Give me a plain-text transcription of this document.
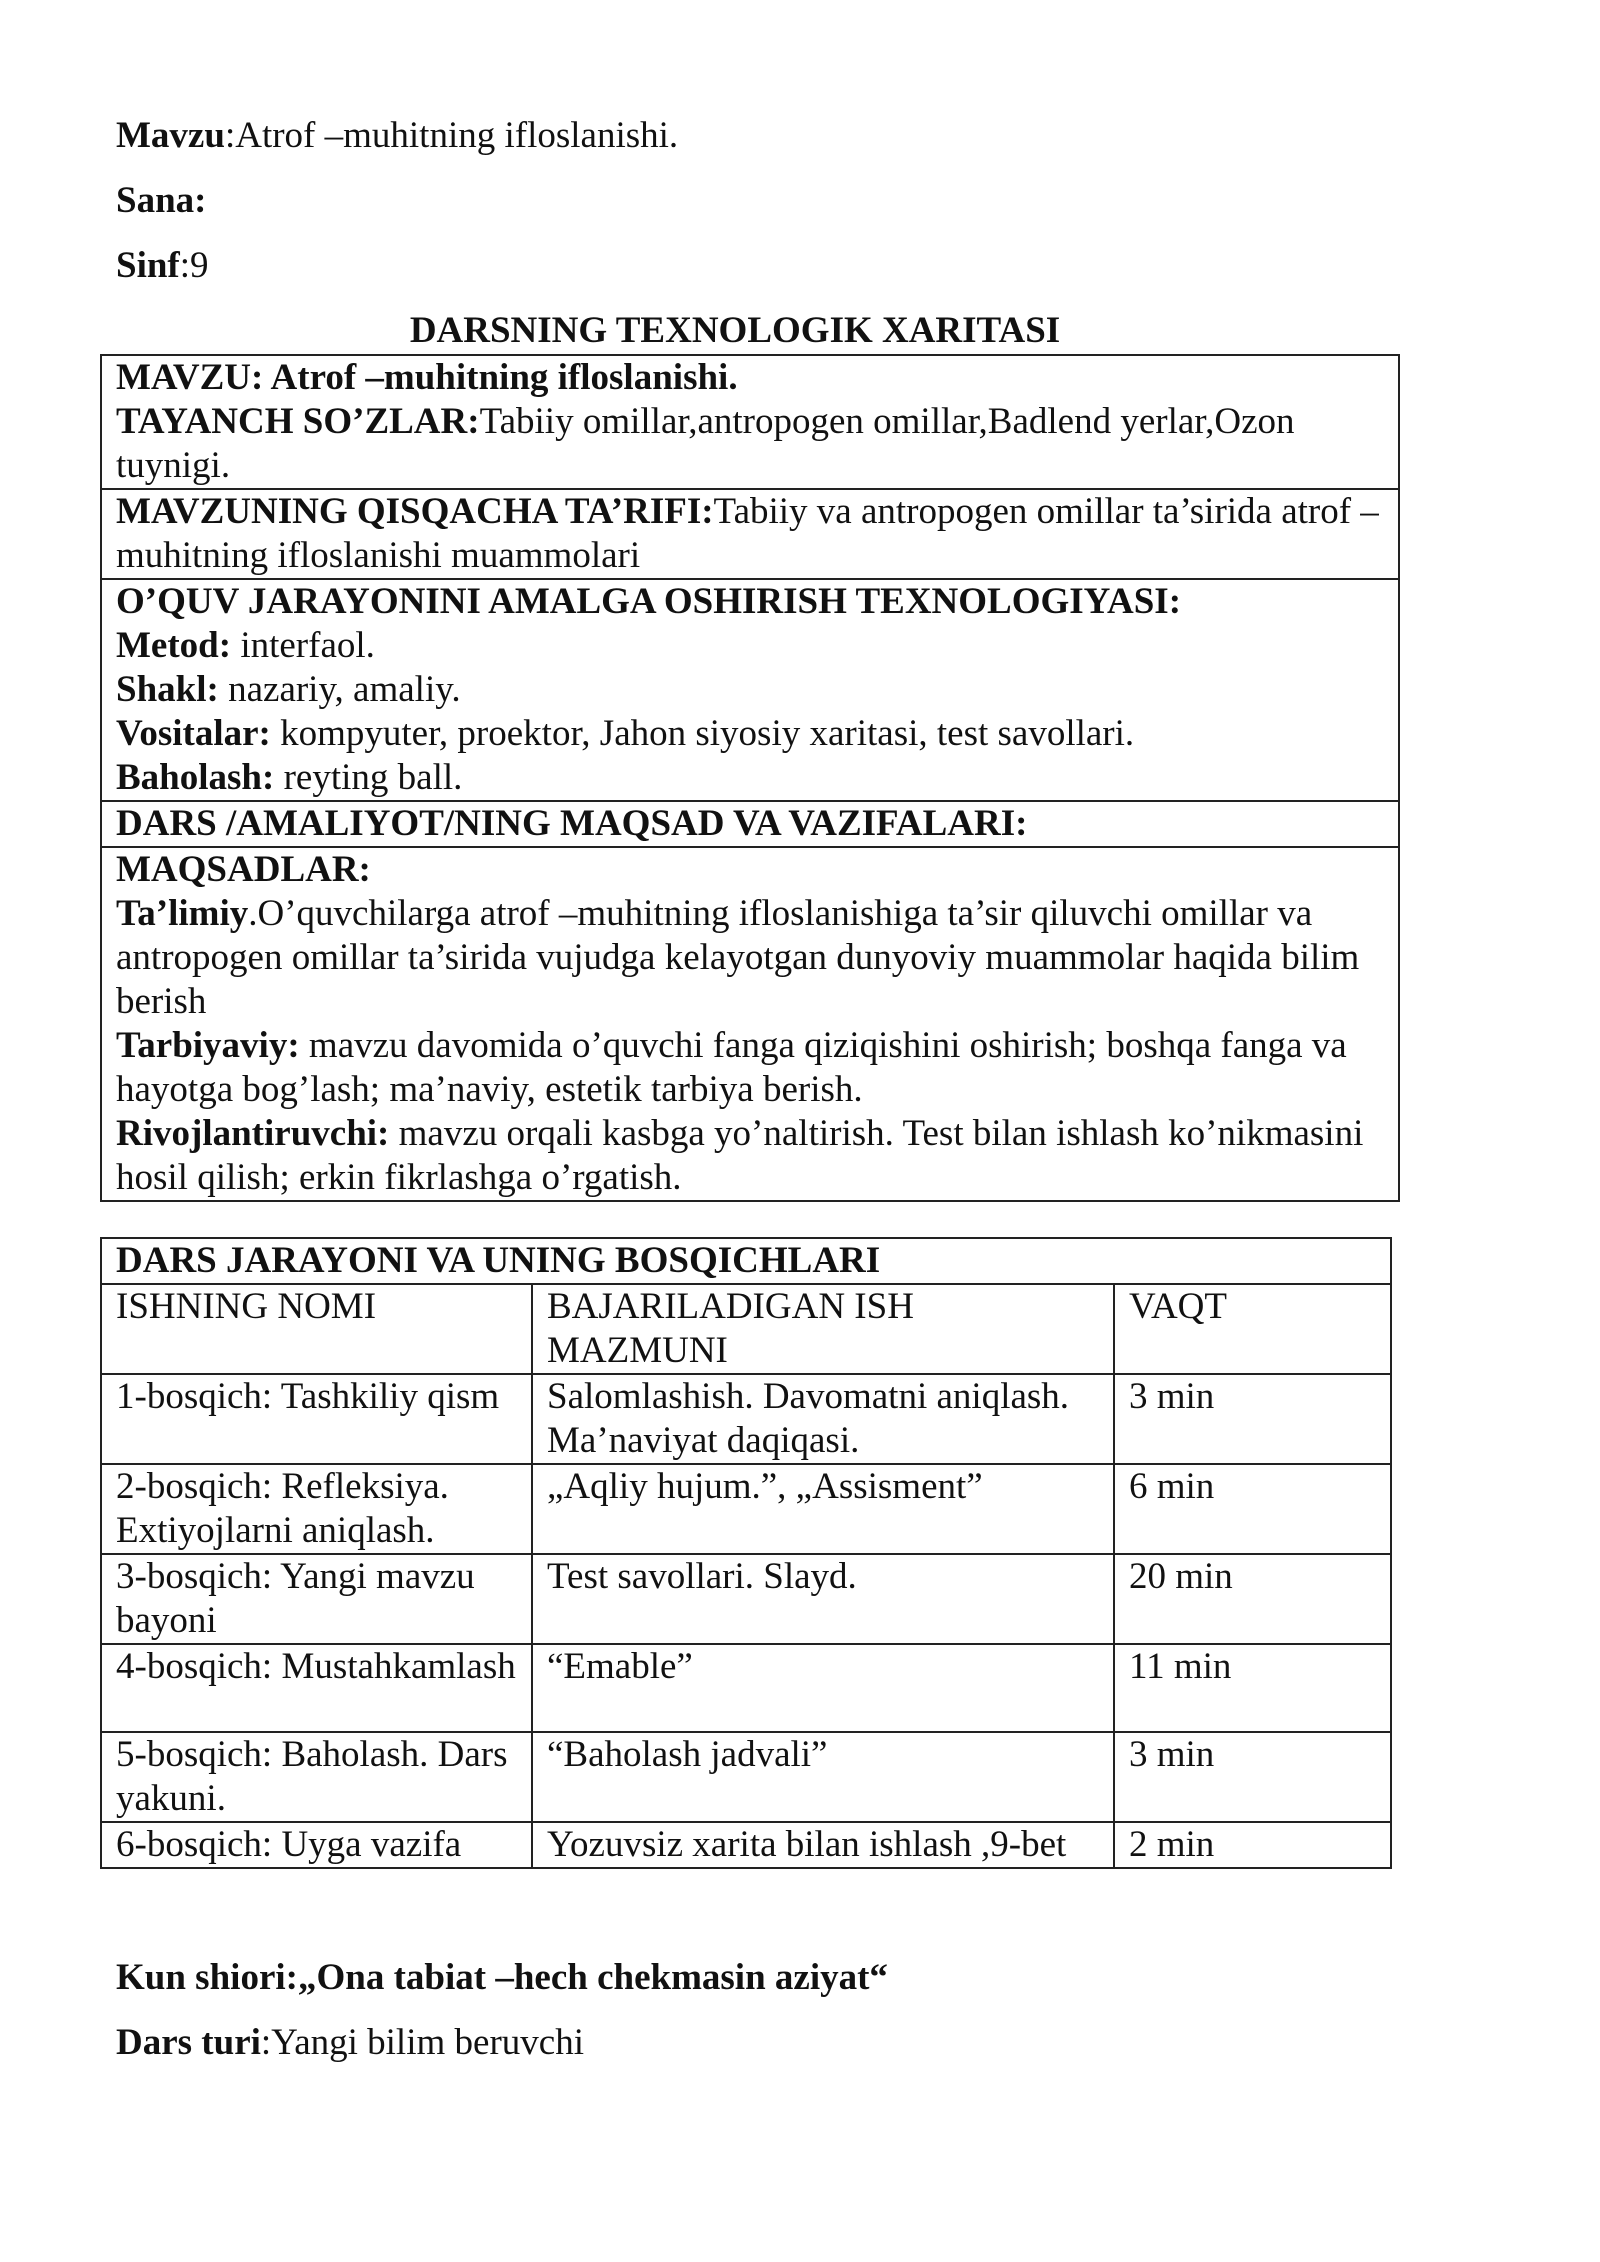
Mavzu:Atrof –muhitning ifloslanishi.
Sana:
Sinf:9
DARSNING TEXNOLOGIK XARITASI
MAVZU: Atrof –muhitning ifloslanishi.
TAYANCH SO’ZLAR:Tabiiy omillar,antropogen omillar,Badlend yerlar,Ozon tuynigi.
MAVZUNING QISQACHA TA’RIFI:Tabiiy va antropogen omillar ta’sirida atrof –muhitning ifloslanishi muammolari

O’QUV JARAYONINI AMALGA OSHIRISH TEXNOLOGIYASI:
Metod: interfaol.
Shakl: nazariy, amaliy.
Vositalar: kompyuter, proektor, Jahon siyosiy xaritasi, test savollari.
Baholash: reyting ball.

DARS /AMALIYOT/NING MAQSAD VA VAZIFALARI:

MAQSADLAR:
Ta’limiy.O’quvchilarga atrof –muhitning ifloslanishiga ta’sir qiluvchi omillar va antropogen omillar ta’sirida vujudga kelayotgan dunyoviy muammolar haqida bilim berish
Tarbiyaviy: mavzu davomida o’quvchi fanga qiziqishini oshirish; boshqa fanga va hayotga bog’lash; ma’naviy, estetik tarbiya berish.
Rivojlantiruvchi: mavzu orqali kasbga yo’naltirish. Test bilan ishlash ko’nikmasini hosil qilish; erkin fikrlashga o’rgatish.
DARS JARAYONI VA UNING BOSQICHLARI		
ISHNING NOMI	BAJARILADIGAN ISH MAZMUNI	VAQT
1-bosqich: Tashkiliy qism	Salomlashish. Davomatni aniqlash. Ma’naviyat daqiqasi.	3 min
2-bosqich: Refleksiya. Extiyojlarni aniqlash.	„Aqliy hujum.”, „Assisment”	6 min
3-bosqich: Yangi mavzu bayoni	Test savollari. Slayd.	20 min
4-bosqich: Mustahkamlash	“Emable”	11 min
5-bosqich: Baholash. Dars yakuni.	“Baholash jadvali”	3 min
6-bosqich: Uyga vazifa	Yozuvsiz xarita bilan ishlash ,9-bet	2 min
Kun shiori:„Ona tabiat –hech chekmasin aziyat“
Dars turi:Yangi bilim beruvchi
